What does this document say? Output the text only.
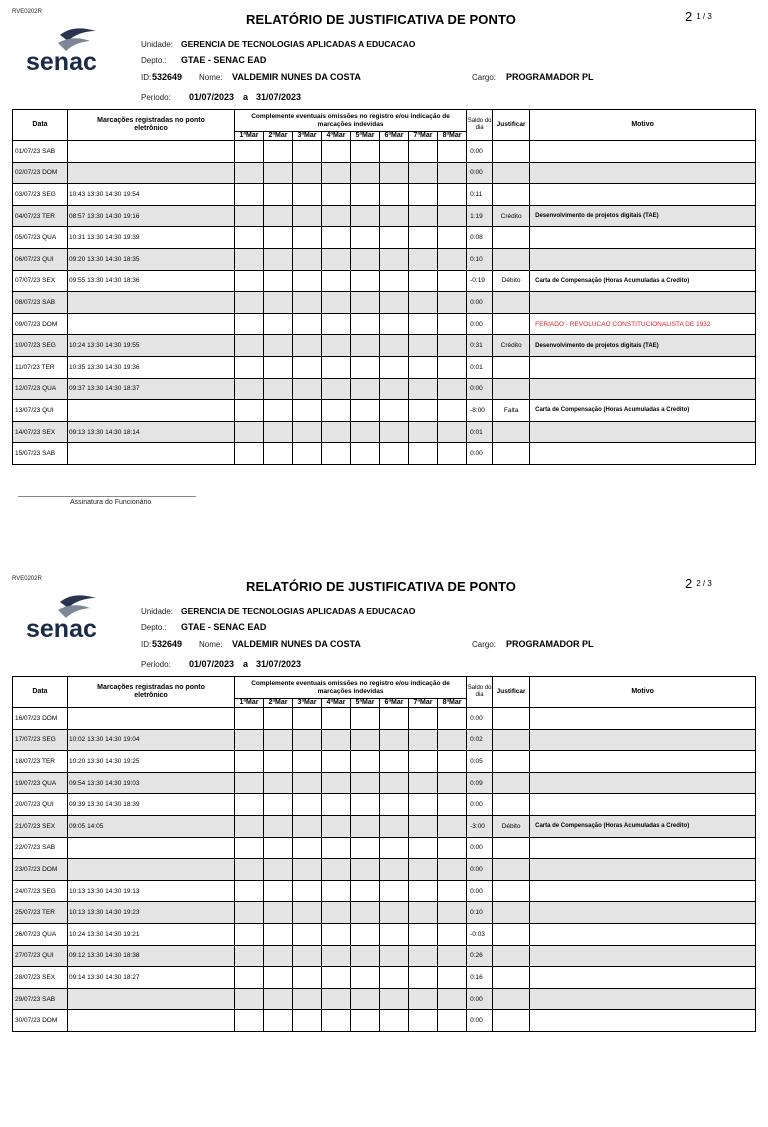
RVE0202R	RELATÓRIO DE JUSTIFICATIVA DE PONTO	2 1 / 3
senac
Unidade: GERENCIA DE TECNOLOGIAS APLICADAS A EDUCACAO
Depto.: GTAE - SENAC EAD
ID: 532649 Nome: VALDEMIR NUNES DA COSTA	Cargo: PROGRAMADOR PL
Periodo: 01/07/2023 a 31/07/2023
Data	Marcações registradas no ponto eletrônico	Complemente eventuais omissões no registro e/ou indicação de marcações indevidas								Saldo do dia	Justificar	Motivo
		1ªMar	2ªMar	3ªMar	4ªMar	5ªMar	6ªMar	7ªMar	8ªMar			
01/07/23 SAB										0:00		
02/07/23 DOM										0:00		
03/07/23 SEG	10:43 13:30 14:30 19:54									0:11		
04/07/23 TER	08:57 13:30 14:30 19:16									1:19	Crédito	Desenvolvimento de projetos digitais (TAE)
05/07/23 QUA	10:31 13:30 14:30 19:39									0:08		
06/07/23 QUI	09:20 13:30 14:30 18:35									0:10		
07/07/23 SEX	09:55 13:30 14:30 18:36									-0:19	Débito	Carta de Compensação (Horas Acumuladas a Credito)
08/07/23 SAB										0:00		
09/07/23 DOM										0:00		FERIADO - REVOLUCAO CONSTITUCIONALISTA DE 1932
10/07/23 SEG	10:24 13:30 14:30 19:55									0:31	Crédito	Desenvolvimento de projetos digitais (TAE)
11/07/23 TER	10:35 13:30 14:30 19:36									0:01		
12/07/23 QUA	09:37 13:30 14:30 18:37									0:00		
13/07/23 QUI										-8:00	Falta	Carta de Compensação (Horas Acumuladas a Credito)
14/07/23 SEX	09:13 13:30 14:30 18:14									0:01		
15/07/23 SAB										0:00		
Assinatura do Funcionário
RVE0202R	RELATÓRIO DE JUSTIFICATIVA DE PONTO	2 2 / 3
senac
Unidade: GERENCIA DE TECNOLOGIAS APLICADAS A EDUCACAO
Depto.: GTAE - SENAC EAD
ID: 532649 Nome: VALDEMIR NUNES DA COSTA	Cargo: PROGRAMADOR PL
Periodo: 01/07/2023 a 31/07/2023
Data	Marcações registradas no ponto eletrônico	Complemente eventuais omissões no registro e/ou indicação de marcações indevidas								Saldo do dia	Justificar	Motivo
		1ªMar	2ªMar	3ªMar	4ªMar	5ªMar	6ªMar	7ªMar	8ªMar			
16/07/23 DOM										0:00		
17/07/23 SEG	10:02 13:30 14:30 19:04									0:02		
18/07/23 TER	10:20 13:30 14:30 19:25									0:05		
19/07/23 QUA	09:54 13:30 14:30 19:03									0:09		
20/07/23 QUI	09:39 13:30 14:30 18:39									0:00		
21/07/23 SEX	09:05 14:05									-3:00	Débito	Carta de Compensação (Horas Acumuladas a Credito)
22/07/23 SAB										0:00		
23/07/23 DOM										0:00		
24/07/23 SEG	10:13 13:30 14:30 19:13									0:00		
25/07/23 TER	10:13 13:30 14:30 19:23									0:10		
26/07/23 QUA	10:24 13:30 14:30 19:21									-0:03		
27/07/23 QUI	09:12 13:30 14:30 18:38									0:26		
28/07/23 SEX	09:14 13:30 14:30 18:27									0:16		
29/07/23 SAB										0:00		
30/07/23 DOM										0:00		
